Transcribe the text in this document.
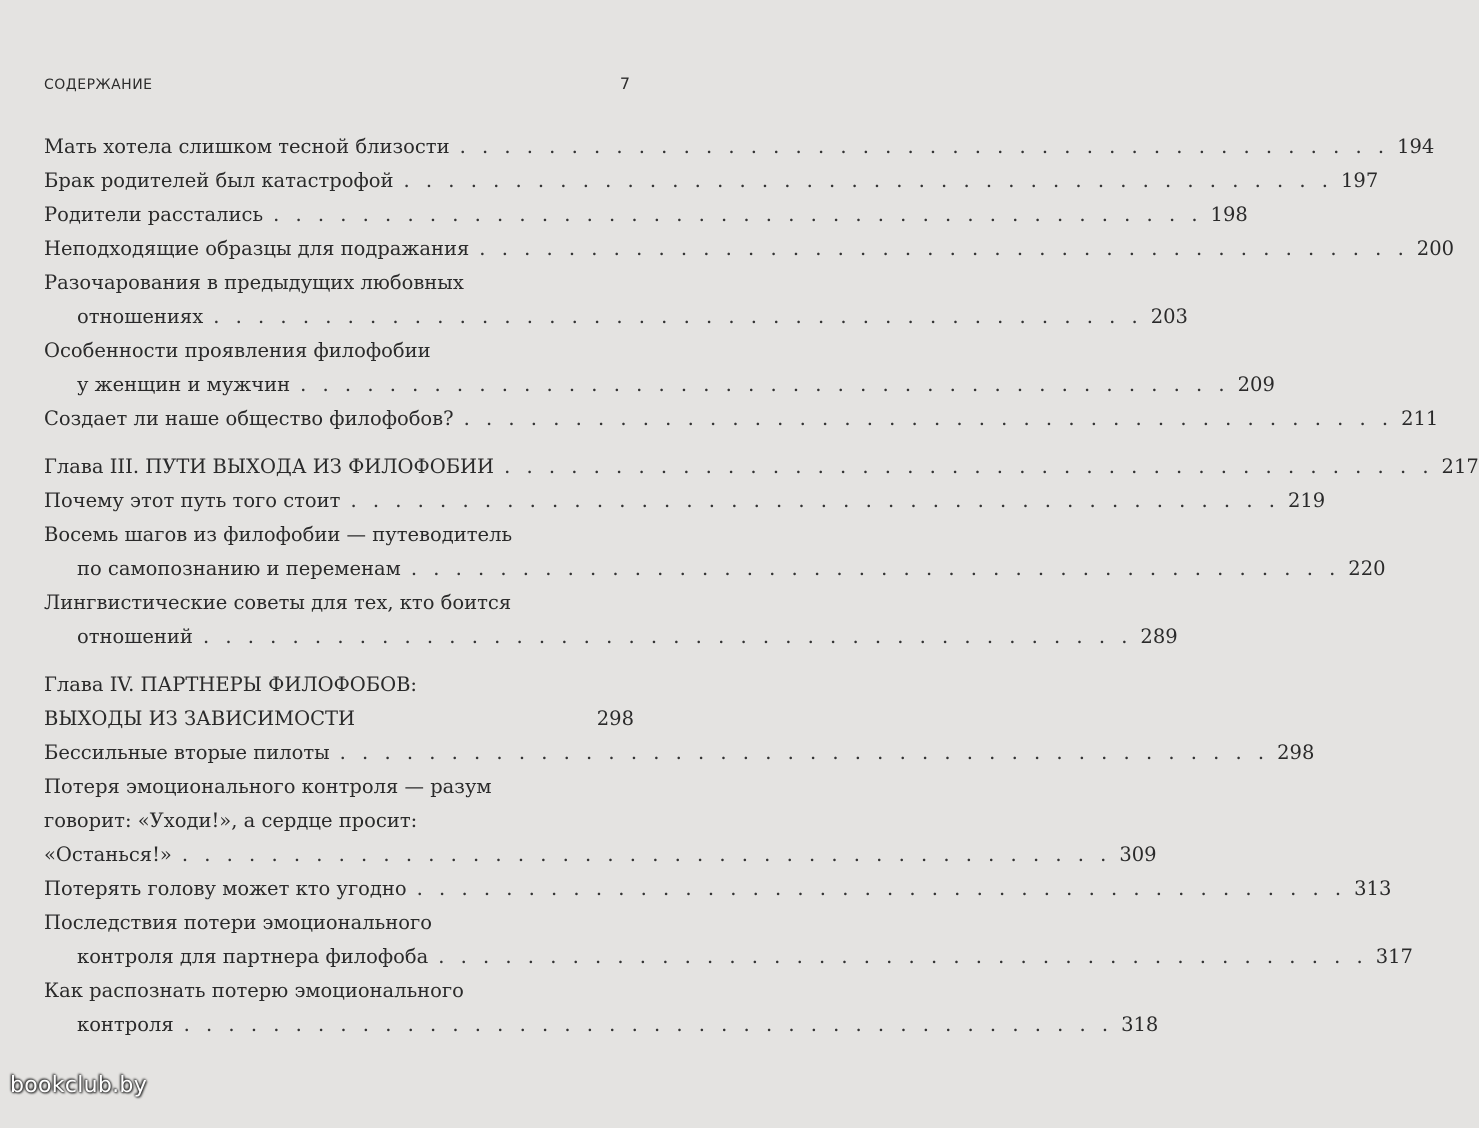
СОДЕРЖАНИЕ	7
Мать хотела слишком тесной близости . . . . . . . . . . . . . . . . . . . . . . . . . . . . . . . . . . . . . . . . . . 194
Брак родителей был катастрофой . . . . . . . . . . . . . . . . . . . . . . . . . . . . . . . . . . . . . . . . . . 197
Родители расстались . . . . . . . . . . . . . . . . . . . . . . . . . . . . . . . . . . . . . . . . . . 198
Неподходящие образцы для подражания . . . . . . . . . . . . . . . . . . . . . . . . . . . . . . . . . . . . . . . . . . 200
Разочарования в предыдущих любовных
отношениях . . . . . . . . . . . . . . . . . . . . . . . . . . . . . . . . . . . . . . . . . . 203
Особенности проявления филофобии
у женщин и мужчин . . . . . . . . . . . . . . . . . . . . . . . . . . . . . . . . . . . . . . . . . . 209
Создает ли наше общество филофобов? . . . . . . . . . . . . . . . . . . . . . . . . . . . . . . . . . . . . . . . . . . 211
Глава III. ПУТИ ВЫХОДА ИЗ ФИЛОФОБИИ . . . . . . . . . . . . . . . . . . . . . . . . . . . . . . . . . . . . . . . . . . 217
Почему этот путь того стоит . . . . . . . . . . . . . . . . . . . . . . . . . . . . . . . . . . . . . . . . . . 219
Восемь шагов из филофобии — путеводитель
по самопознанию и переменам . . . . . . . . . . . . . . . . . . . . . . . . . . . . . . . . . . . . . . . . . . 220
Лингвистические советы для тех, кто боится
отношений . . . . . . . . . . . . . . . . . . . . . . . . . . . . . . . . . . . . . . . . . . 289
Глава IV. ПАРТНЕРЫ ФИЛОФОБОВ:
ВЫХОДЫ ИЗ ЗАВИСИМОСТИ	298
Бессильные вторые пилоты . . . . . . . . . . . . . . . . . . . . . . . . . . . . . . . . . . . . . . . . . . 298
Потеря эмоционального контроля — разум
говорит: «Уходи!», а сердце просит:
«Останься!» . . . . . . . . . . . . . . . . . . . . . . . . . . . . . . . . . . . . . . . . . . 309
Потерять голову может кто угодно . . . . . . . . . . . . . . . . . . . . . . . . . . . . . . . . . . . . . . . . . . 313
Последствия потери эмоционального
контроля для партнера филофоба . . . . . . . . . . . . . . . . . . . . . . . . . . . . . . . . . . . . . . . . . . 317
Как распознать потерю эмоционального
контроля . . . . . . . . . . . . . . . . . . . . . . . . . . . . . . . . . . . . . . . . . . 318
bookclub.by
